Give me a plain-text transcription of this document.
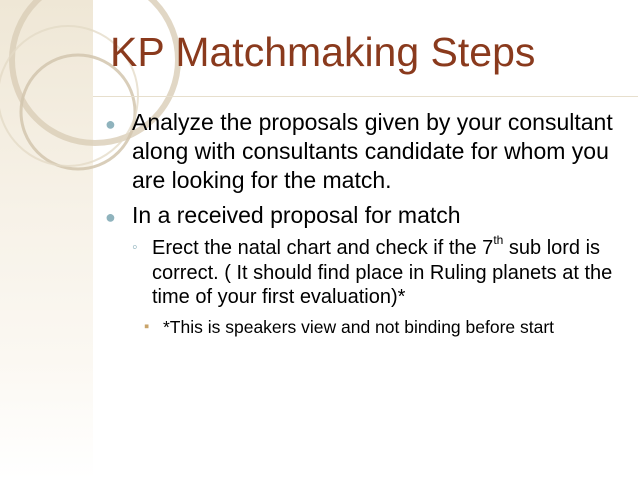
KP Matchmaking Steps
● Analyze the proposals given by your consultant along with consultants candidate for whom you are looking for the match.
● In a received proposal for match
◦ Erect the natal chart and check if the 7th sub lord is correct. ( It should find place in Ruling planets at the time of your first evaluation)*
▪ *This is speakers view and not binding before start
